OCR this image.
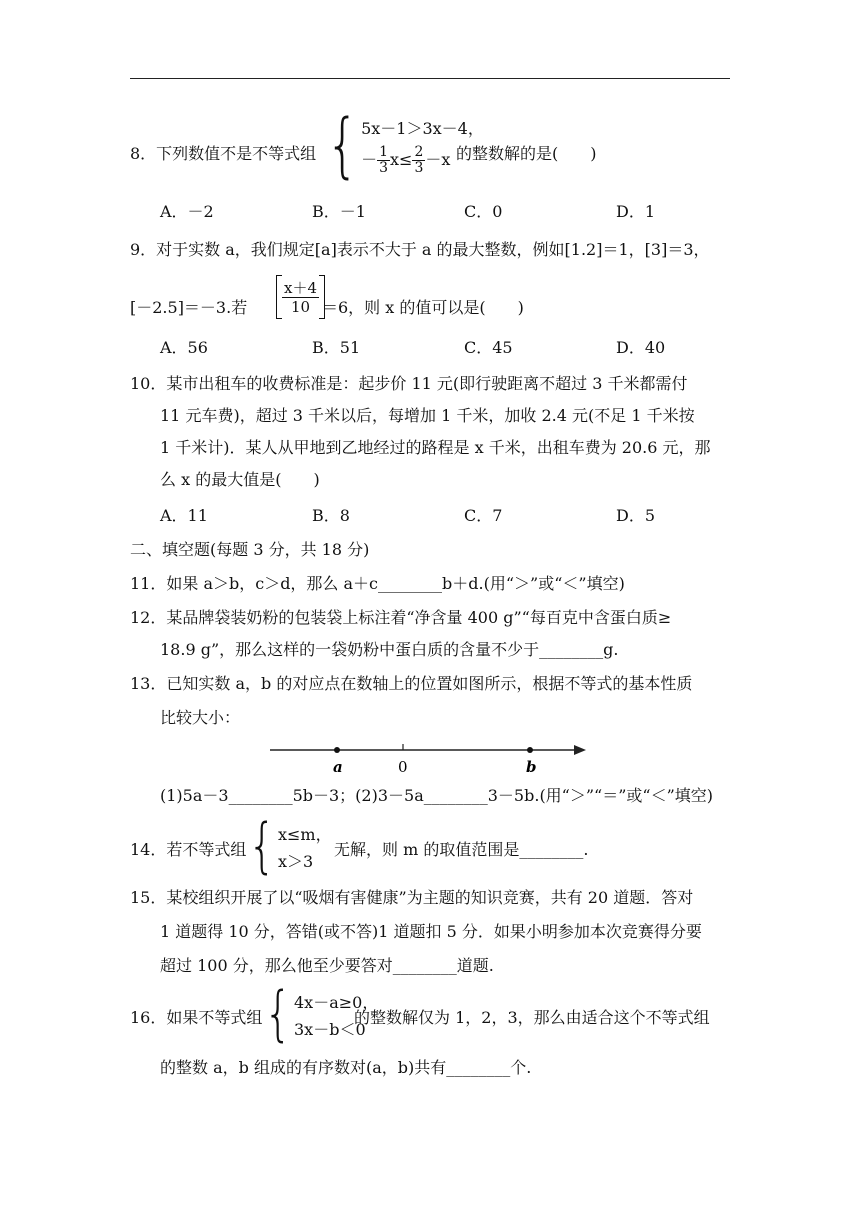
8．下列数值不是不等式组 { 5x－1＞3x－4，
－ $\frac{1}{3} x\le \frac{2}{3} -x$ 的整数解的是(　　)
A．－2	B．－1	C．0	D．1
9．对于实数 a，我们规定[a]表示不大于 a 的最大整数，例如[1.2]＝1，[3]＝3，
[－2.5]＝－3.若 $\frac{x+4}{10} =6$，则 x 的值可以是(　　)
A．56	B．51	C．45	D．40
10．某市出租车的收费标准是：起步价 11 元(即行驶距离不超过 3 千米都需付
11 元车费)，超过 3 千米以后，每增加 1 千米，加收 2.4 元(不足 1 千米按
1 千米计)．某人从甲地到乙地经过的路程是 x 千米，出租车费为 20.6 元，那
么 x 的最大值是(　　)
A．11	B．8	C．7	D．5
二、填空题(每题 3 分，共 18 分)
11．如果 a＞b，c＞d，那么 a＋c________b＋d.(用“＞”或“＜”填空)
12．某品牌袋装奶粉的包装袋上标注着“净含量 400 g”“每百克中含蛋白质≥
18.9 g”，那么这样的一袋奶粉中蛋白质的含量不少于________g.
13．已知实数 a，b 的对应点在数轴上的位置如图所示，根据不等式的基本性质
比较大小：
a	0	b
(1)5a－3________5b－3；(2)3－5a________3－5b.(用“＞”“＝”或“＜”填空)
14．若不等式组 { x≤m，
x＞3
无解，则 m 的取值范围是________.
15．某校组织开展了以“吸烟有害健康”为主题的知识竞赛，共有 20 道题．答对
1 道题得 10 分，答错(或不答)1 道题扣 5 分．如果小明参加本次竞赛得分要
超过 100 分，那么他至少要答对________道题.
16．如果不等式组 { 4x－a≥0，
3x－b＜0
的整数解仅为 1，2，3，那么由适合这个不等式组
的整数 a，b 组成的有序数对(a，b)共有________个.
